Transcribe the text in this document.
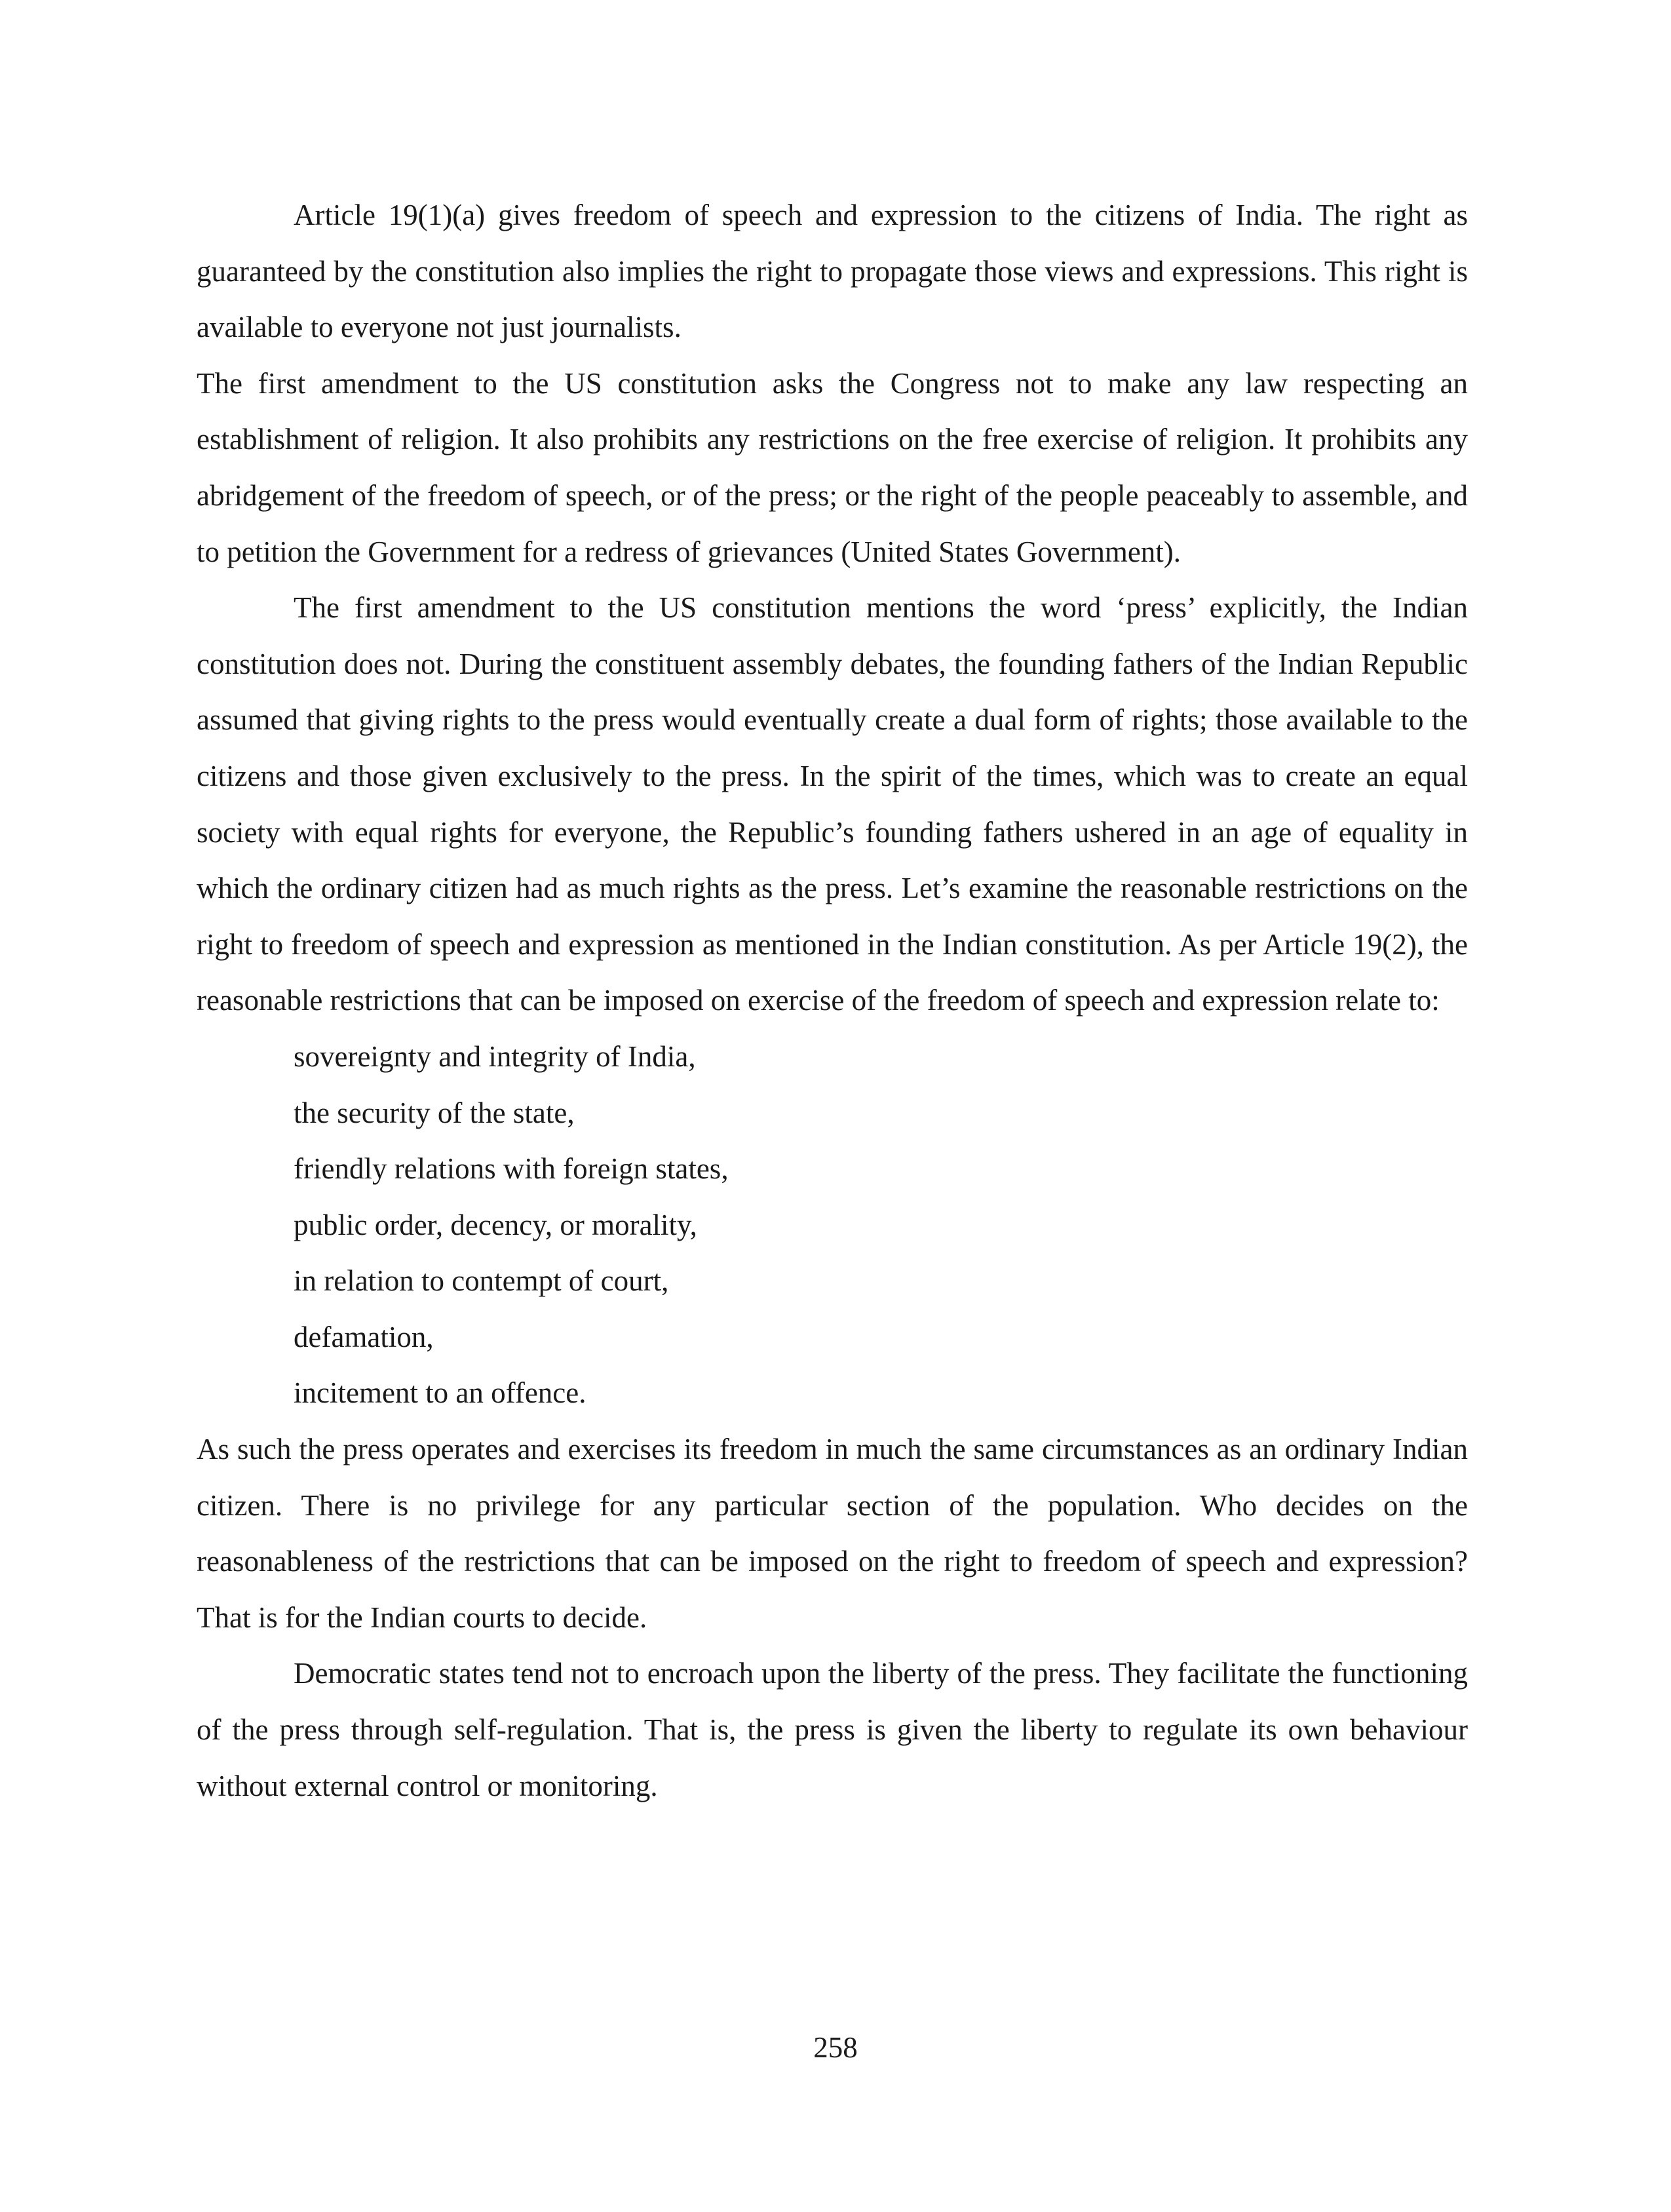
Article 19(1)(a) gives freedom of speech and expression to the citizens of India. The right as guaranteed by the constitution also implies the right to propagate those views and expressions. This right is available to everyone not just journalists.

The first amendment to the US constitution asks the Congress not to make any law respecting an establishment of religion. It also prohibits any restrictions on the free exercise of religion. It prohibits any abridgement of the freedom of speech, or of the press; or the right of the people peaceably to assemble, and to petition the Government for a redress of grievances (United States Government).

The first amendment to the US constitution mentions the word ‘press’ explicitly, the Indian constitution does not. During the constituent assembly debates, the founding fathers of the Indian Republic assumed that giving rights to the press would eventually create a dual form of rights; those available to the citizens and those given exclusively to the press. In the spirit of the times, which was to create an equal society with equal rights for everyone, the Republic’s founding fathers ushered in an age of equality in which the ordinary citizen had as much rights as the press. Let’s examine the reasonable restrictions on the right to freedom of speech and expression as mentioned in the Indian constitution. As per Article 19(2), the reasonable restrictions that can be imposed on exercise of the freedom of speech and expression relate to:

sovereignty and integrity of India,
the security of the state,
friendly relations with foreign states,
public order, decency, or morality,
in relation to contempt of court,
defamation,
incitement to an offence.

As such the press operates and exercises its freedom in much the same circumstances as an ordinary Indian citizen. There is no privilege for any particular section of the population. Who decides on the reasonableness of the restrictions that can be imposed on the right to freedom of speech and expression? That is for the Indian courts to decide.

Democratic states tend not to encroach upon the liberty of the press. They facilitate the functioning of the press through self-regulation. That is, the press is given the liberty to regulate its own behaviour without external control or monitoring.

258
